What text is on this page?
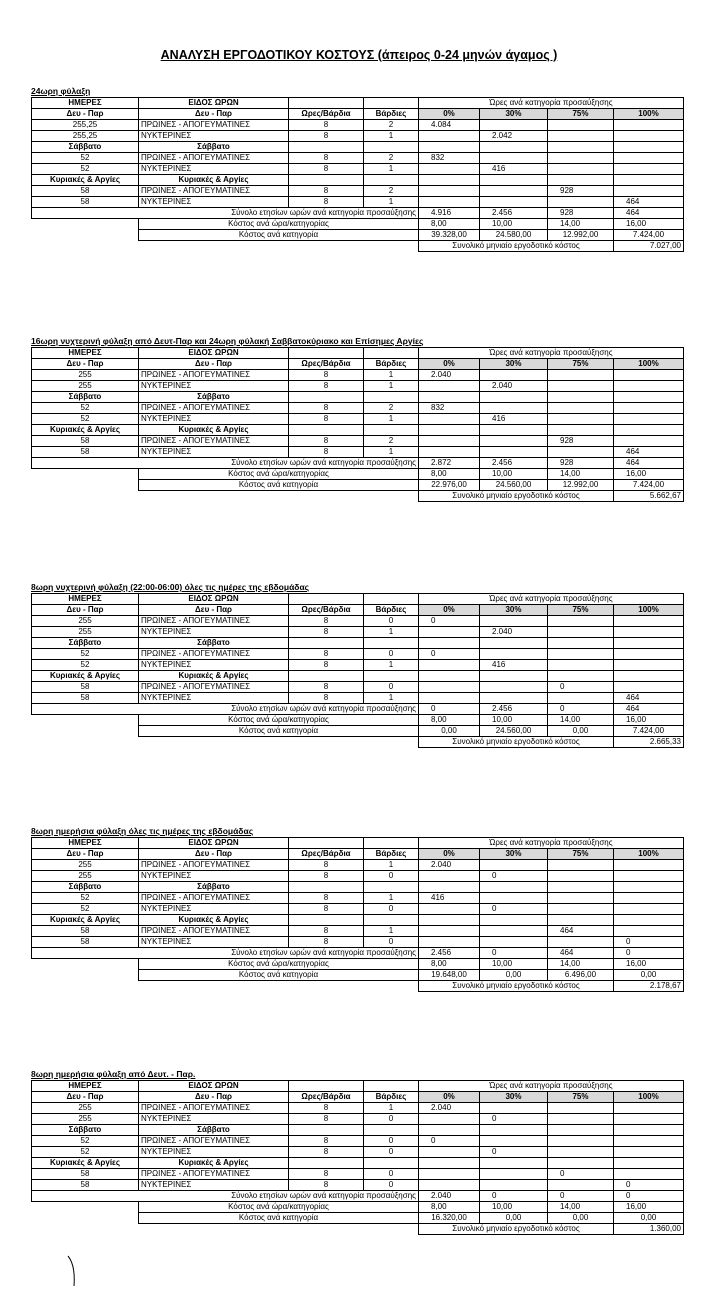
ΑΝΑΛΥΣΗ ΕΡΓΟΔΟΤΙΚΟΥ ΚΟΣΤΟΥΣ (άπειρος 0-24 μηνών άγαμος )
24ωρη φύλαξη
ΗΜΕΡΕΣ	ΕΙΔΟΣ ΩΡΩΝ			Ώρες ανά κατηγορία προσαύξησης			
Δευ - Παρ	Δευ - Παρ	Ωρες/Βάρδια	Βάρδιες	0%	30%	75%	100%
255,25	ΠΡΩΙΝΕΣ - ΑΠΟΓΕΥΜΑΤΙΝΕΣ	8	2	4.084			
255,25	ΝΥΚΤΕΡΙΝΕΣ	8	1		2.042		
Σάββατο	Σάββατο						
52	ΠΡΩΙΝΕΣ - ΑΠΟΓΕΥΜΑΤΙΝΕΣ	8	2	832			
52	ΝΥΚΤΕΡΙΝΕΣ	8	1		416		
Κυριακές & Αργίες	Κυριακές & Αργίες						
58	ΠΡΩΙΝΕΣ - ΑΠΟΓΕΥΜΑΤΙΝΕΣ	8	2			928	
58	ΝΥΚΤΕΡΙΝΕΣ	8	1				464
Σύνολο ετησίων ωρών ανά κατηγορία προσαύξησης				4.916	2.456	928	464
	Κόστος ανά ώρα/κατηγορίας			8,00	10,00	14,00	16,00
	Κόστος ανά κατηγορία			39.328,00	24.580,00	12.992,00	7.424,00
				Συνολικό μηνιαίο εργοδοτικό κόστος			7.027,00
16ωρη νυχτερινή φύλαξη από Δευτ-Παρ και 24ωρη φύλακή Σαββατοκύριακο και Επίσημες Αργίες
ΗΜΕΡΕΣ	ΕΙΔΟΣ ΩΡΩΝ			Ώρες ανά κατηγορία προσαύξησης			
Δευ - Παρ	Δευ - Παρ	Ωρες/Βάρδια	Βάρδιες	0%	30%	75%	100%
255	ΠΡΩΙΝΕΣ - ΑΠΟΓΕΥΜΑΤΙΝΕΣ	8	1	2.040			
255	ΝΥΚΤΕΡΙΝΕΣ	8	1		2.040		
Σάββατο	Σάββατο						
52	ΠΡΩΙΝΕΣ - ΑΠΟΓΕΥΜΑΤΙΝΕΣ	8	2	832			
52	ΝΥΚΤΕΡΙΝΕΣ	8	1		416		
Κυριακές & Αργίες	Κυριακές & Αργίες						
58	ΠΡΩΙΝΕΣ - ΑΠΟΓΕΥΜΑΤΙΝΕΣ	8	2			928	
58	ΝΥΚΤΕΡΙΝΕΣ	8	1				464
Σύνολο ετησίων ωρών ανά κατηγορία προσαύξησης				2.872	2.456	928	464
	Κόστος ανά ώρα/κατηγορίας			8,00	10,00	14,00	16,00
	Κόστος ανά κατηγορία			22.976,00	24.560,00	12.992,00	7.424,00
				Συνολικό μηνιαίο εργοδοτικό κόστος			5.662,67
8ωρη νυχτερινή φύλαξη (22:00-06:00) όλες τις ημέρες της εβδομάδας
ΗΜΕΡΕΣ	ΕΙΔΟΣ ΩΡΩΝ			Ώρες ανά κατηγορία προσαύξησης			
Δευ - Παρ	Δευ - Παρ	Ωρες/Βάρδια	Βάρδιες	0%	30%	75%	100%
255	ΠΡΩΙΝΕΣ - ΑΠΟΓΕΥΜΑΤΙΝΕΣ	8	0	0			
255	ΝΥΚΤΕΡΙΝΕΣ	8	1		2.040		
Σάββατο	Σάββατο						
52	ΠΡΩΙΝΕΣ - ΑΠΟΓΕΥΜΑΤΙΝΕΣ	8	0	0			
52	ΝΥΚΤΕΡΙΝΕΣ	8	1		416		
Κυριακές & Αργίες	Κυριακές & Αργίες						
58	ΠΡΩΙΝΕΣ - ΑΠΟΓΕΥΜΑΤΙΝΕΣ	8	0			0	
58	ΝΥΚΤΕΡΙΝΕΣ	8	1				464
Σύνολο ετησίων ωρών ανά κατηγορία προσαύξησης				0	2.456	0	464
	Κόστος ανά ώρα/κατηγορίας			8,00	10,00	14,00	16,00
	Κόστος ανά κατηγορία			0,00	24.560,00	0,00	7.424,00
				Συνολικό μηνιαίο εργοδοτικό κόστος			2.665,33
8ωρη ημερήσια φύλαξη όλες τις ημέρες της εβδομάδας
ΗΜΕΡΕΣ	ΕΙΔΟΣ ΩΡΩΝ			Ώρες ανά κατηγορία προσαύξησης			
Δευ - Παρ	Δευ - Παρ	Ωρες/Βάρδια	Βάρδιες	0%	30%	75%	100%
255	ΠΡΩΙΝΕΣ - ΑΠΟΓΕΥΜΑΤΙΝΕΣ	8	1	2.040			
255	ΝΥΚΤΕΡΙΝΕΣ	8	0		0		
Σάββατο	Σάββατο						
52	ΠΡΩΙΝΕΣ - ΑΠΟΓΕΥΜΑΤΙΝΕΣ	8	1	416			
52	ΝΥΚΤΕΡΙΝΕΣ	8	0		0		
Κυριακές & Αργίες	Κυριακές & Αργίες						
58	ΠΡΩΙΝΕΣ - ΑΠΟΓΕΥΜΑΤΙΝΕΣ	8	1			464	
58	ΝΥΚΤΕΡΙΝΕΣ	8	0				0
Σύνολο ετησίων ωρών ανά κατηγορία προσαύξησης				2.456	0	464	0
	Κόστος ανά ώρα/κατηγορίας			8,00	10,00	14,00	16,00
	Κόστος ανά κατηγορία			19.648,00	0,00	6.496,00	0,00
				Συνολικό μηνιαίο εργοδοτικό κόστος			2.178,67
8ωρη ημερήσια φύλαξη από Δευτ. - Παρ.
ΗΜΕΡΕΣ	ΕΙΔΟΣ ΩΡΩΝ			Ώρες ανά κατηγορία προσαύξησης			
Δευ - Παρ	Δευ - Παρ	Ωρες/Βάρδια	Βάρδιες	0%	30%	75%	100%
255	ΠΡΩΙΝΕΣ - ΑΠΟΓΕΥΜΑΤΙΝΕΣ	8	1	2.040			
255	ΝΥΚΤΕΡΙΝΕΣ	8	0		0		
Σάββατο	Σάββατο						
52	ΠΡΩΙΝΕΣ - ΑΠΟΓΕΥΜΑΤΙΝΕΣ	8	0	0			
52	ΝΥΚΤΕΡΙΝΕΣ	8	0		0		
Κυριακές & Αργίες	Κυριακές & Αργίες						
58	ΠΡΩΙΝΕΣ - ΑΠΟΓΕΥΜΑΤΙΝΕΣ	8	0			0	
58	ΝΥΚΤΕΡΙΝΕΣ	8	0				0
Σύνολο ετησίων ωρών ανά κατηγορία προσαύξησης				2.040	0	0	0
	Κόστος ανά ώρα/κατηγορίας			8,00	10,00	14,00	16,00
	Κόστος ανά κατηγορία			16.320,00	0,00	0,00	0,00
				Συνολικό μηνιαίο εργοδοτικό κόστος			1.360,00
